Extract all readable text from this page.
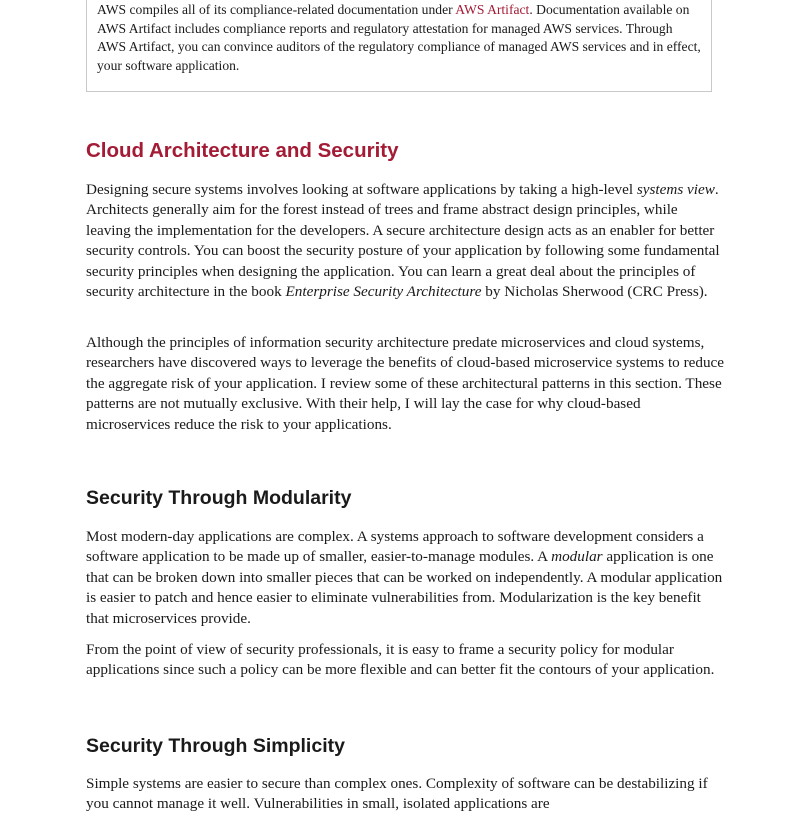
AWS compiles all of its compliance-related documentation under AWS Artifact. Documentation available on AWS Artifact includes compliance reports and regulatory attestation for managed AWS services. Through AWS Artifact, you can convince auditors of the regulatory compliance of managed AWS services and in effect, your software application.

Cloud Architecture and Security

Designing secure systems involves looking at software applications by taking a high-level systems view. Architects generally aim for the forest instead of trees and frame abstract design principles, while leaving the implementation for the developers. A secure architecture design acts as an enabler for better security controls. You can boost the security posture of your application by following some fundamental security principles when designing the application. You can learn a great deal about the principles of security architecture in the book Enterprise Security Architecture by Nicholas Sherwood (CRC Press).

Although the principles of information security architecture predate microservices and cloud systems, researchers have discovered ways to leverage the benefits of cloud-based microservice systems to reduce the aggregate risk of your application. I review some of these architectural patterns in this section. These patterns are not mutually exclusive. With their help, I will lay the case for why cloud-based microservices reduce the risk to your applications.

Security Through Modularity

Most modern-day applications are complex. A systems approach to software development considers a software application to be made up of smaller, easier-to-manage modules. A modular application is one that can be broken down into smaller pieces that can be worked on independently. A modular application is easier to patch and hence easier to eliminate vulnerabilities from. Modularization is the key benefit that microservices provide.

From the point of view of security professionals, it is easy to frame a security policy for modular applications since such a policy can be more flexible and can better fit the contours of your application.

Security Through Simplicity

Simple systems are easier to secure than complex ones. Complexity of software can be destabilizing if you cannot manage it well. Vulnerabilities in small, isolated applications are
